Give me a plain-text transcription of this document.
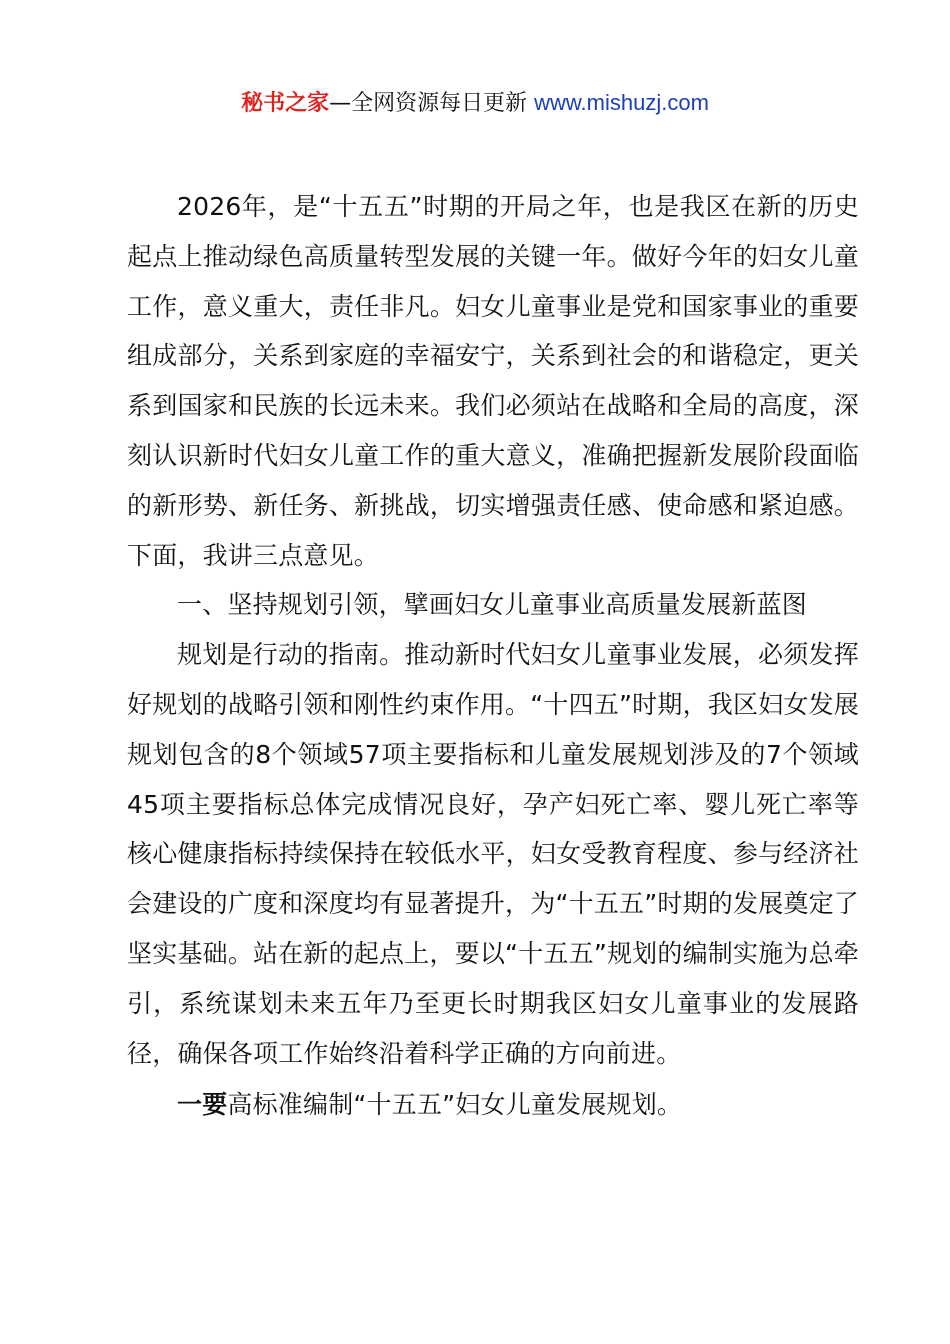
秘书之家—全网资源每日更新 www.mishuzj.com

2026年，是“十五五”时期的开局之年，也是我区在新的历史起点上推动绿色高质量转型发展的关键一年。做好今年的妇女儿童工作，意义重大，责任非凡。妇女儿童事业是党和国家事业的重要组成部分，关系到家庭的幸福安宁，关系到社会的和谐稳定，更关系到国家和民族的长远未来。我们必须站在战略和全局的高度，深刻认识新时代妇女儿童工作的重大意义，准确把握新发展阶段面临的新形势、新任务、新挑战，切实增强责任感、使命感和紧迫感。下面，我讲三点意见。

一、坚持规划引领，擘画妇女儿童事业高质量发展新蓝图

规划是行动的指南。推动新时代妇女儿童事业发展，必须发挥好规划的战略引领和刚性约束作用。“十四五”时期，我区妇女发展规划包含的8个领域57项主要指标和儿童发展规划涉及的7个领域45项主要指标总体完成情况良好，孕产妇死亡率、婴儿死亡率等核心健康指标持续保持在较低水平，妇女受教育程度、参与经济社会建设的广度和深度均有显著提升，为“十五五”时期的发展奠定了坚实基础。站在新的起点上，要以“十五五”规划的编制实施为总牵引，系统谋划未来五年乃至更长时期我区妇女儿童事业的发展路径，确保各项工作始终沿着科学正确的方向前进。

一要高标准编制“十五五”妇女儿童发展规划。
